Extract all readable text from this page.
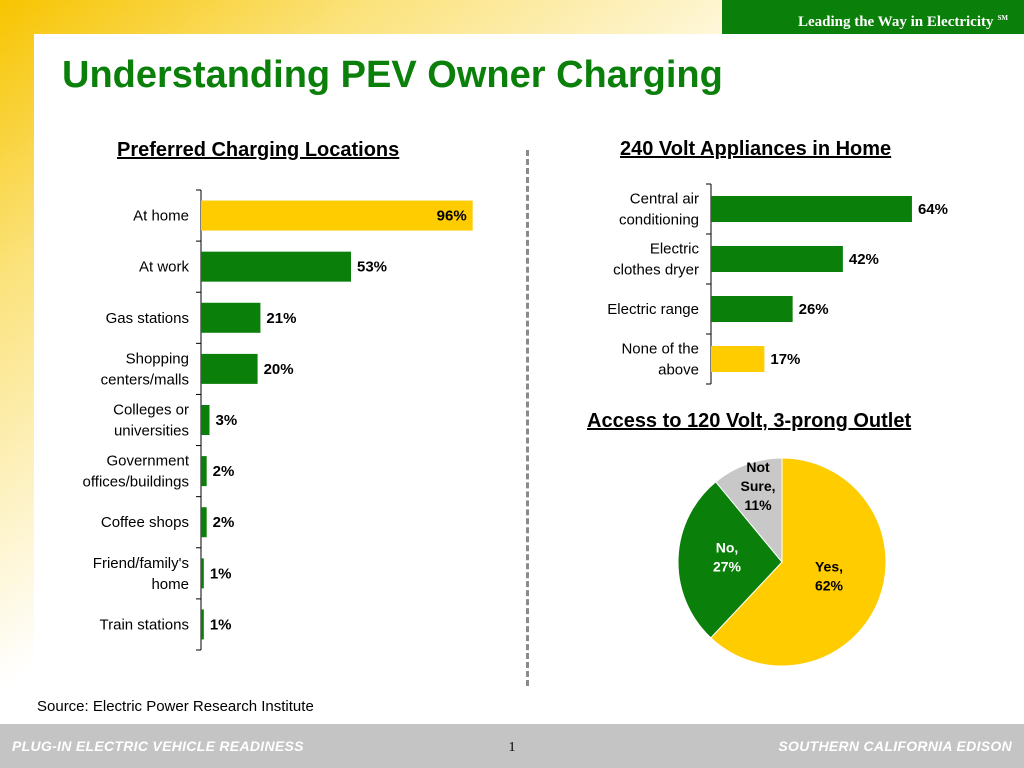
Leading the Way in Electricity ℠
Understanding PEV Owner Charging
Preferred Charging Locations	240 Volt Appliances in Home
Access to 120 Volt, 3-prong Outlet
At home	96%
At work	53%
Gas stations	21%
Shopping centers/malls
20%
Colleges or universities
3%
Government offices/buildings
2%
Coffee shops 2%
Friend/family's home
1%
Train stations 1%
Central air conditioning
64%
Electric clothes dryer
42%
Electric range	26%
None of the above
17%
Yes, 62%
No, 27%
Not Sure, 11%
Source: Electric Power Research Institute
PLUG-IN ELECTRIC VEHICLE READINESS	1	SOUTHERN CALIFORNIA EDISON
